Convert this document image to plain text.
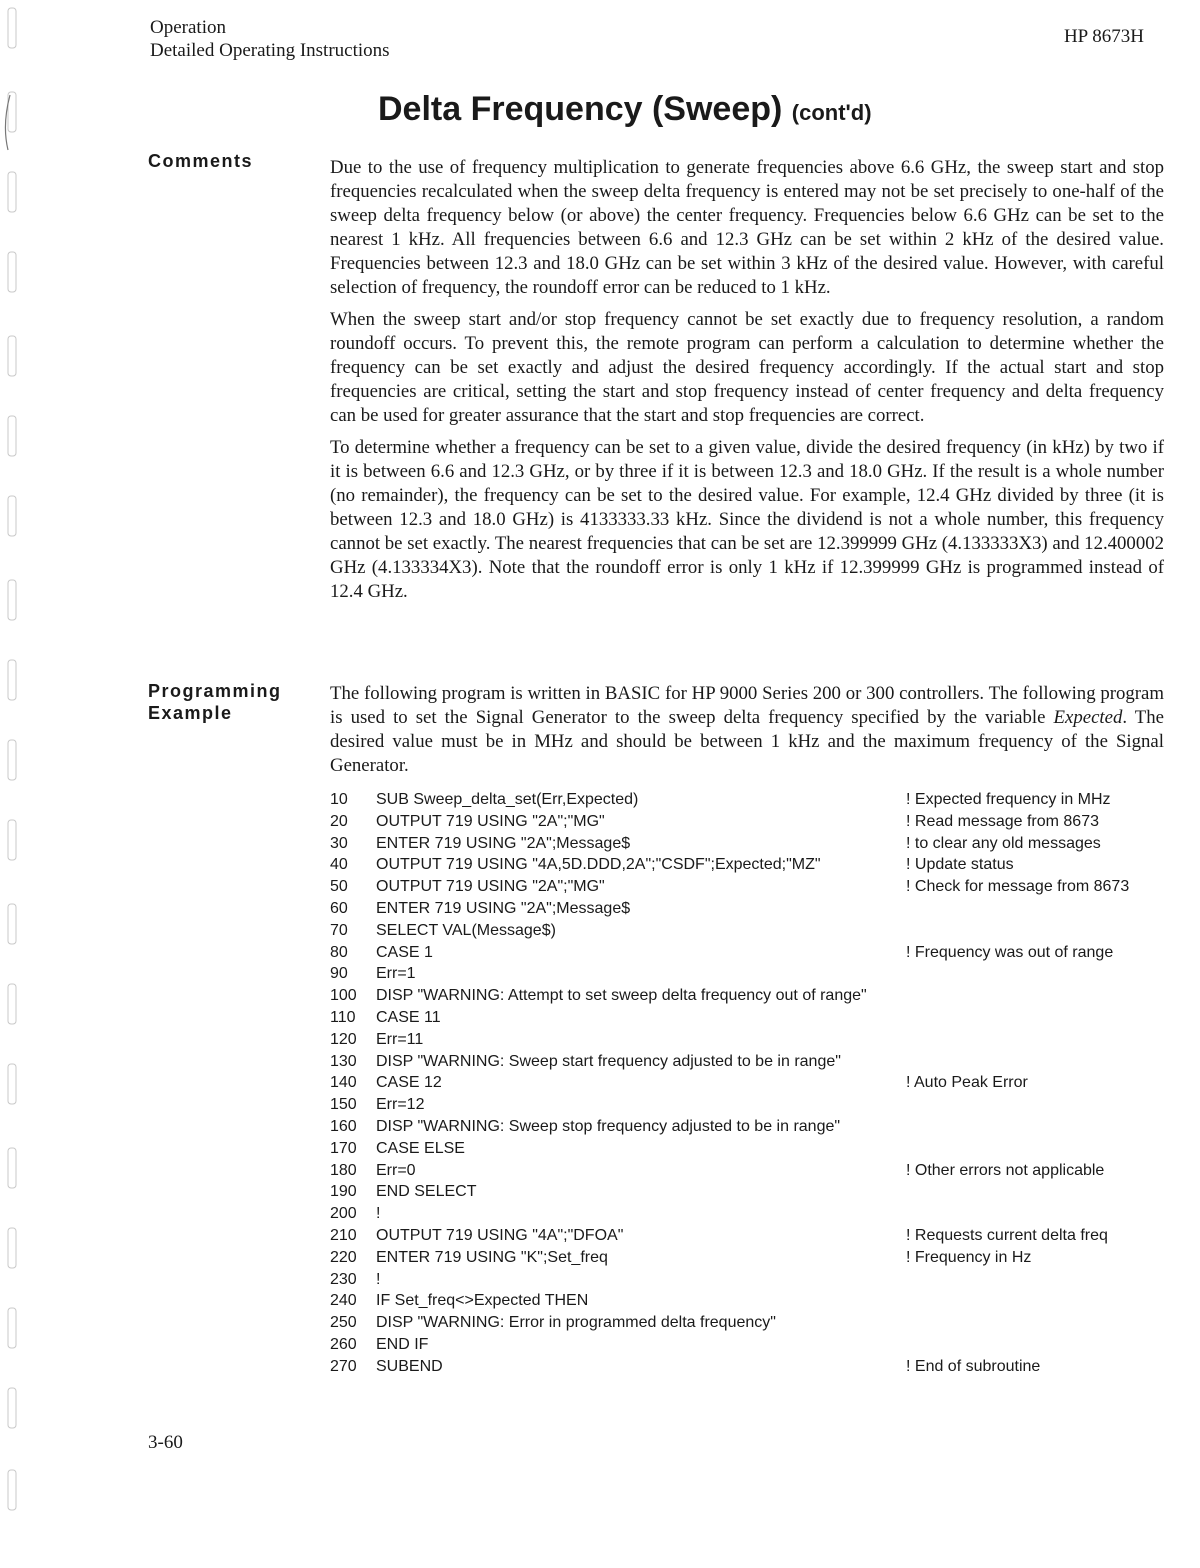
Operation
Detailed Operating Instructions
HP 8673H
Delta Frequency (Sweep) (cont'd)
Comments	Due to the use of frequency multiplication to generate frequencies above 6.6 GHz, the sweep start and stop frequencies recalculated when the sweep delta frequency is entered may not be set precisely to one-half of the sweep delta frequency below (or above) the center frequency. Frequencies below 6.6 GHz can be set to the nearest 1 kHz. All frequencies between 6.6 and 12.3 GHz can be set within 2 kHz of the desired value. Frequencies between 12.3 and 18.0 GHz can be set within 3 kHz of the desired value. However, with careful selection of frequency, the roundoff error can be reduced to 1 kHz.

When the sweep start and/or stop frequency cannot be set exactly due to frequency resolution, a random roundoff occurs. To prevent this, the remote program can perform a calculation to determine whether the frequency can be set exactly and adjust the desired frequency accordingly. If the actual start and stop frequencies are critical, setting the start and stop frequency instead of center frequency and delta frequency can be used for greater assurance that the start and stop frequencies are correct.

To determine whether a frequency can be set to a given value, divide the desired frequency (in kHz) by two if it is between 6.6 and 12.3 GHz, or by three if it is between 12.3 and 18.0 GHz. If the result is a whole number (no remainder), the frequency can be set to the desired value. For example, 12.4 GHz divided by three (it is between 12.3 and 18.0 GHz) is 4133333.33 kHz. Since the dividend is not a whole number, this frequency cannot be set exactly. The nearest frequencies that can be set are 12.399999 GHz (4.133333X3) and 12.400002 GHz (4.133334X3). Note that the roundoff error is only 1 kHz if 12.399999 GHz is programmed instead of 12.4 GHz.

Programming
Example

The following program is written in BASIC for HP 9000 Series 200 or 300 controllers. The following program is used to set the Signal Generator to the sweep delta frequency specified by the variable Expected. The desired value must be in MHz and should be between 1 kHz and the maximum frequency of the Signal Generator.

10 SUB Sweep_delta_set(Err,Expected)	! Expected frequency in MHz
20 OUTPUT 719 USING "2A";"MG"	! Read message from 8673
30 ENTER 719 USING "2A";Message$	! to clear any old messages
40 OUTPUT 719 USING "4A,5D.DDD,2A";"CSDF";Expected;"MZ"	! Update status
50 OUTPUT 719 USING "2A";"MG"	! Check for message from 8673
60 ENTER 719 USING "2A";Message$
70 SELECT VAL(Message$)
80 CASE 1	! Frequency was out of range
90 Err=1
100 DISP "WARNING: Attempt to set sweep delta frequency out of range"
110 CASE 11
120 Err=11
130 DISP "WARNING: Sweep start frequency adjusted to be in range"
140 CASE 12	! Auto Peak Error
150 Err=12
160 DISP "WARNING: Sweep stop frequency adjusted to be in range"
170 CASE ELSE
180 Err=0	! Other errors not applicable
190 END SELECT
200 !
210 OUTPUT 719 USING "4A";"DFOA"	! Requests current delta freq
220 ENTER 719 USING "K";Set_freq	! Frequency in Hz
230 !
240 IF Set_freq<>Expected THEN
250 DISP "WARNING: Error in programmed delta frequency"
260 END IF
270 SUBEND	! End of subroutine
3-60
